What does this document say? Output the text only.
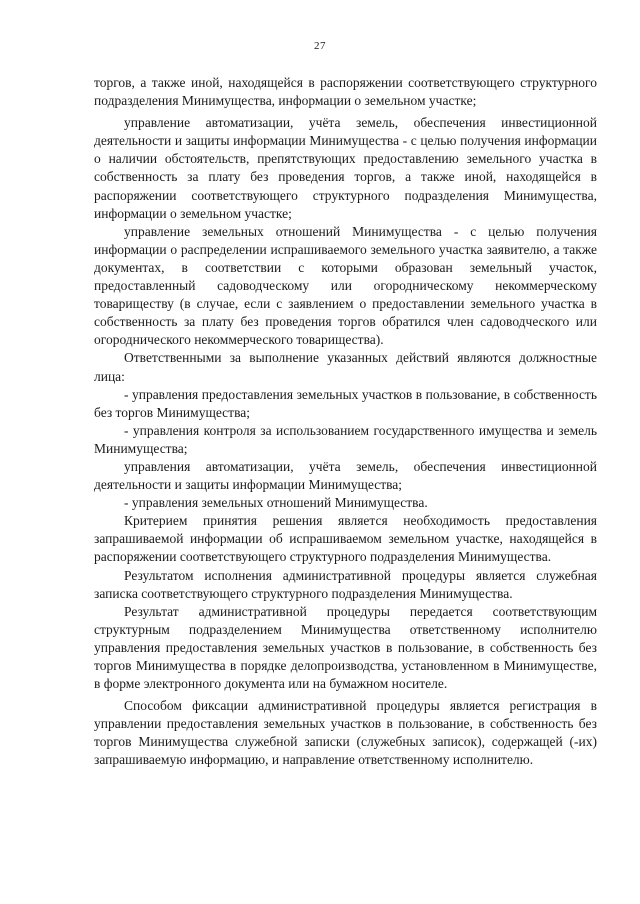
27

торгов, а также иной, находящейся в распоряжении соответствующего структурного подразделения Минимущества, информации о земельном участке;

управление автоматизации, учёта земель, обеспечения инвестиционной деятельности и защиты информации Минимущества - с целью получения информации о наличии обстоятельств, препятствующих предоставлению земельного участка в собственность за плату без проведения торгов, а также иной, находящейся в распоряжении соответствующего структурного подразделения Минимущества, информации о земельном участке;

управление земельных отношений Минимущества - с целью получения информации о распределении испрашиваемого земельного участка заявителю, а также документах, в соответствии с которыми образован земельный участок, предоставленный садоводческому или огородническому некоммерческому товариществу (в случае, если с заявлением о предоставлении земельного участка в собственность за плату без проведения торгов обратился член садоводческого или огороднического некоммерческого товарищества).

Ответственными за выполнение указанных действий являются должностные лица:

- управления предоставления земельных участков в пользование, в собственность без торгов Минимущества;

- управления контроля за использованием государственного имущества и земель Минимущества;

управления автоматизации, учёта земель, обеспечения инвестиционной деятельности и защиты информации Минимущества;

- управления земельных отношений Минимущества.

Критерием принятия решения является необходимость предоставления запрашиваемой информации об испрашиваемом земельном участке, находящейся в распоряжении соответствующего структурного подразделения Минимущества.

Результатом исполнения административной процедуры является служебная записка соответствующего структурного подразделения Минимущества.

Результат административной процедуры передается соответствующим структурным подразделением Минимущества ответственному исполнителю управления предоставления земельных участков в пользование, в собственность без торгов Минимущества в порядке делопроизводства, установленном в Минимуществе, в форме электронного документа или на бумажном носителе.

Способом фиксации административной процедуры является регистрация в управлении предоставления земельных участков в пользование, в собственность без торгов Минимущества служебной записки (служебных записок), содержащей (-их) запрашиваемую информацию, и направление ответственному исполнителю.
